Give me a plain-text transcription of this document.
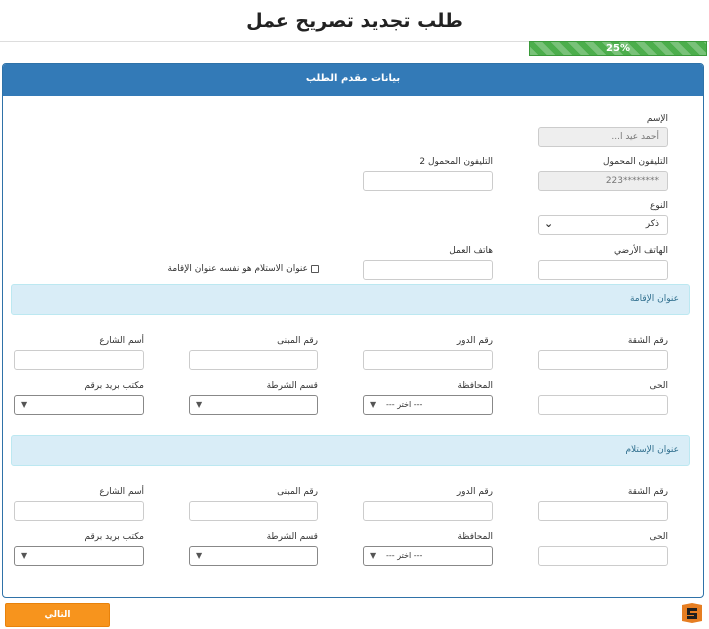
طلب تجديد تصريح عمل
25%
بيانات مقدم الطلب
الإسم
أحمد عيد ا...
التليفون المحمول
********223
التليفون المحمول 2
النوع
ذكر
⌄
الهاتف الأرضي
هاتف العمل
عنوان الاستلام هو نفسه عنوان الإقامة
عنوان الإقامة
رقم الشقة
رقم الدور
رقم المبنى
أسم الشارع
الحى
المحافظة
▼ --- اختر ---
قسم الشرطة
▼
مكتب بريد برقم
▼
عنوان الإستلام
رقم الشقة
رقم الدور
رقم المبنى
أسم الشارع
الحى
المحافظة
▼ --- اختر ---
قسم الشرطة
▼
مكتب بريد برقم
▼
التالي
